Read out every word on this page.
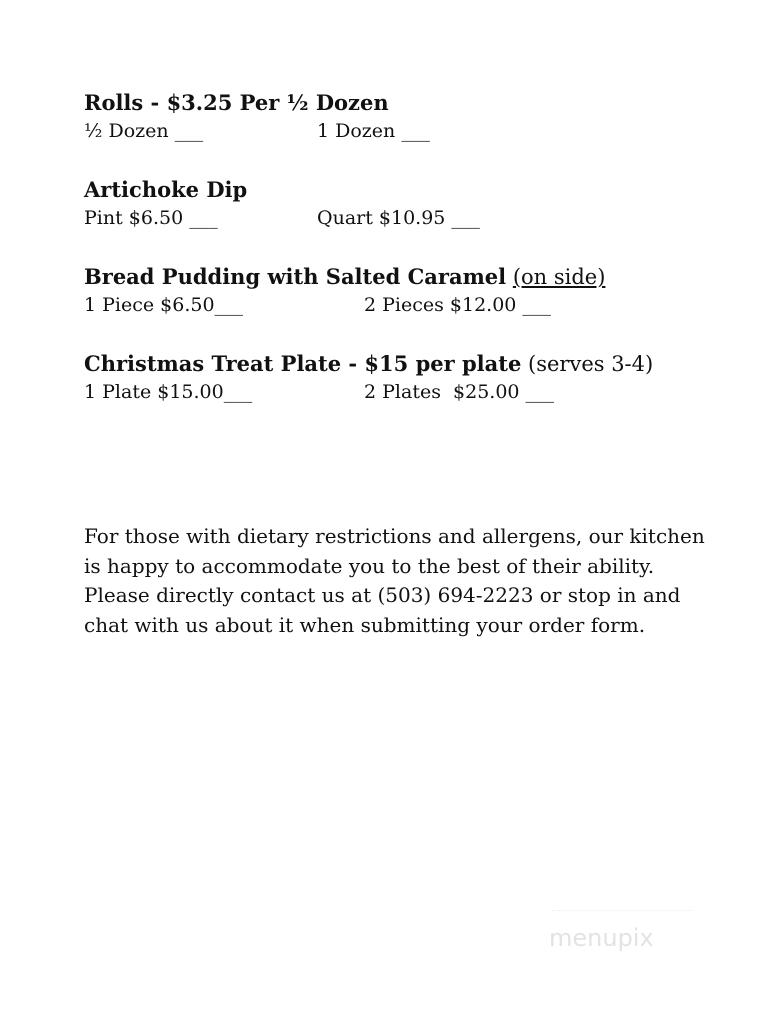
Rolls - $3.25 Per ½ Dozen
½ Dozen ___	1 Dozen ___
Artichoke Dip
Pint $6.50 ___	Quart $10.95 ___
Bread Pudding with Salted Caramel (on side)
1 Piece $6.50___	2 Pieces $12.00 ___
Christmas Treat Plate - $15 per plate (serves 3-4)
1 Plate $15.00___	2 Plates  $25.00 ___

For those with dietary restrictions and allergens, our kitchen
is happy to accommodate you to the best of their ability.
Please directly contact us at (503) 694-2223 or stop in and
chat with us about it when submitting your order form.

menupix
